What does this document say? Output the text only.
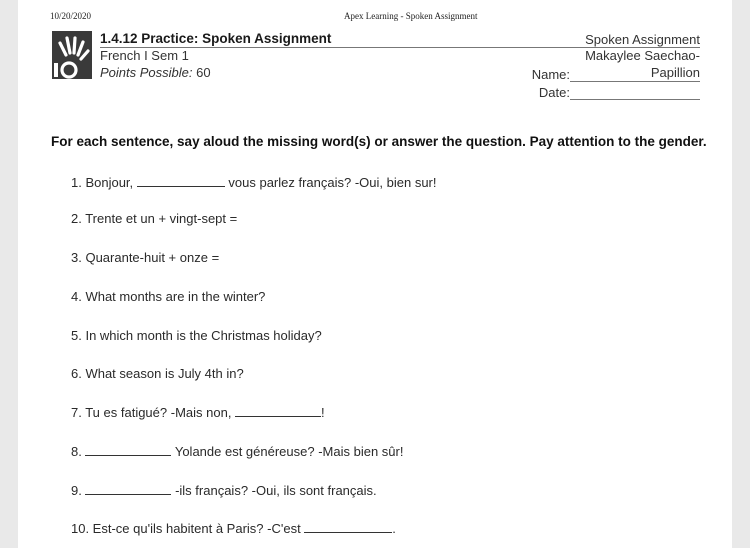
10/20/2020	Apex Learning - Spoken Assignment
1.4.12 Practice: Spoken Assignment
French I Sem 1
Points Possible: 60
Spoken Assignment
Makaylee Saechao-
Name:	Papillion
Date:
For each sentence, say aloud the missing word(s) or answer the question. Pay attention to the gender.
1. Bonjour,	vous parlez français? -Oui, bien sur!
2. Trente et un + vingt-sept =
3. Quarante-huit + onze =
4. What months are in the winter?
5. In which month is the Christmas holiday?
6. What season is July 4th in?
7. Tu es fatigué? -Mais non,	!
8.	Yolande est généreuse? -Mais bien sûr!
9.	-ils français? -Oui, ils sont français.
10. Est-ce qu'ils habitent à Paris? -C'est	.
